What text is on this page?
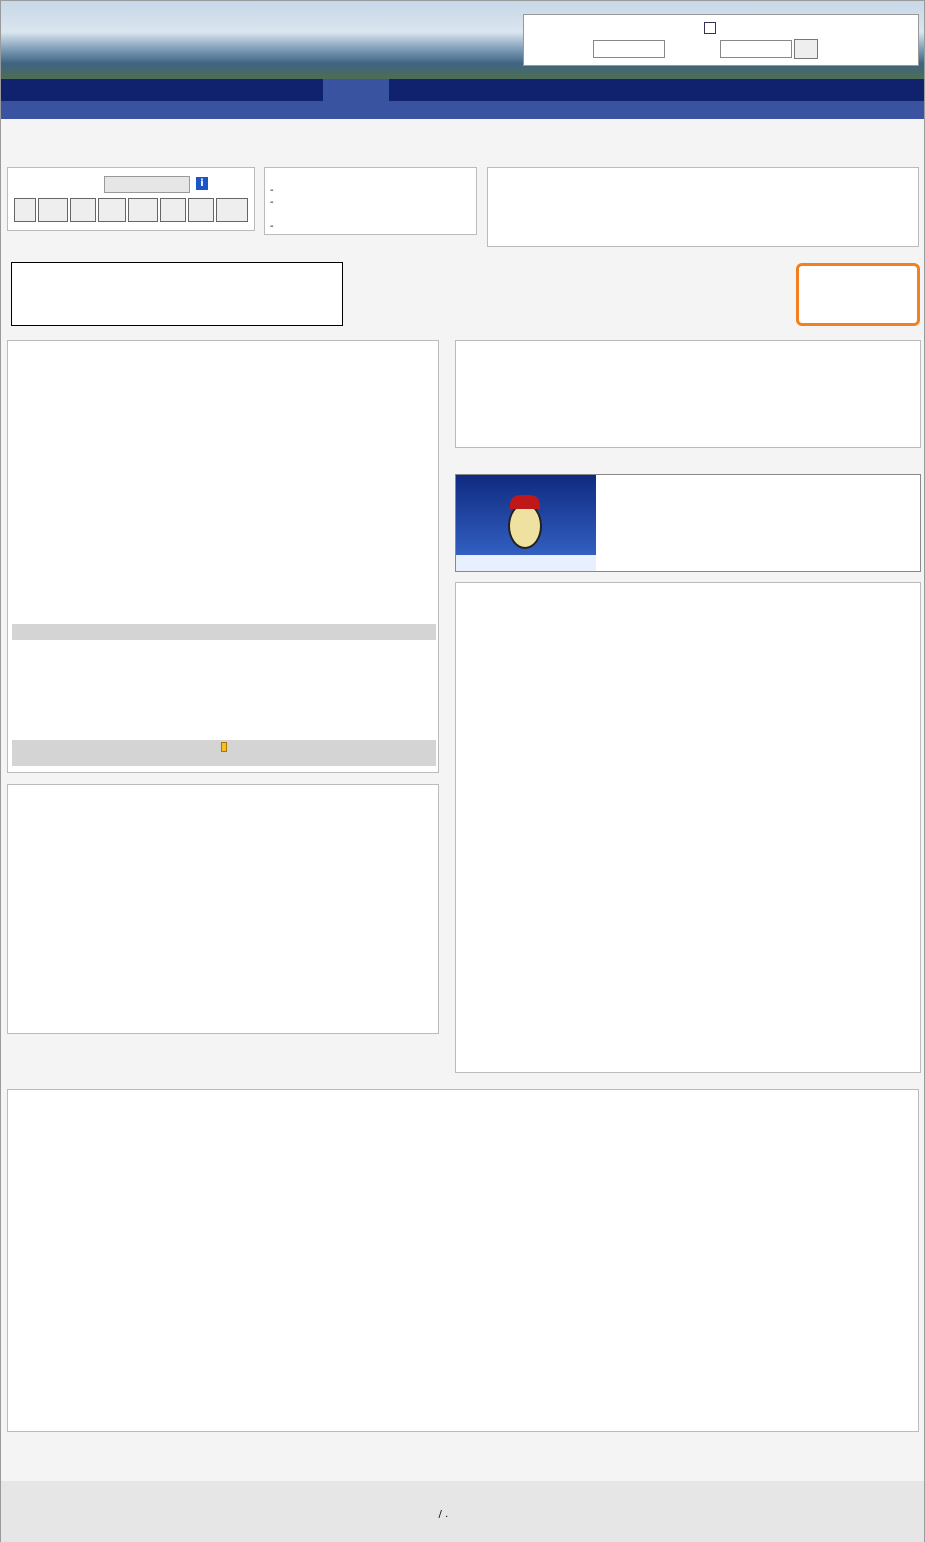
i
-
-
-

/ .
